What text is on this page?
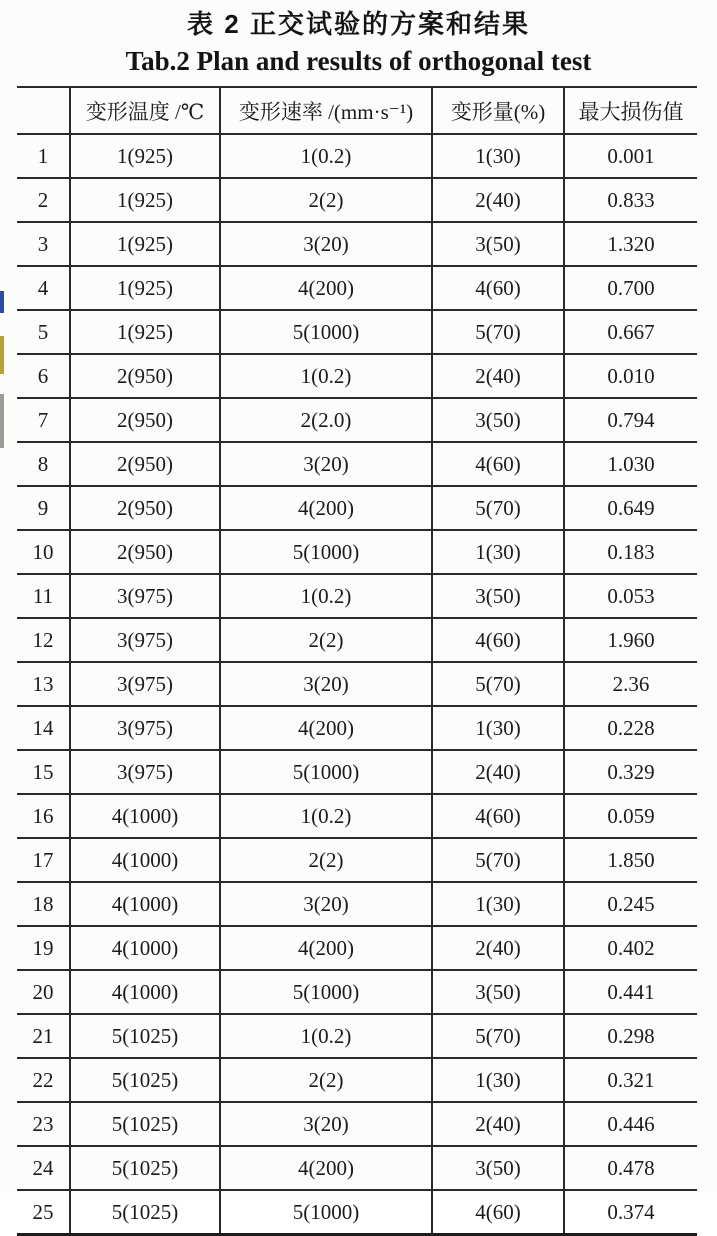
表 2 正交试验的方案和结果
Tab.2 Plan and results of orthogonal test
	变形温度 /℃	变形速率 /(mm·s⁻¹)	变形量(%)	最大损伤值
1	1(925)	1(0.2)	1(30)	0.001
2	1(925)	2(2)	2(40)	0.833
3	1(925)	3(20)	3(50)	1.320
4	1(925)	4(200)	4(60)	0.700
5	1(925)	5(1000)	5(70)	0.667
6	2(950)	1(0.2)	2(40)	0.010
7	2(950)	2(2.0)	3(50)	0.794
8	2(950)	3(20)	4(60)	1.030
9	2(950)	4(200)	5(70)	0.649
10	2(950)	5(1000)	1(30)	0.183
11	3(975)	1(0.2)	3(50)	0.053
12	3(975)	2(2)	4(60)	1.960
13	3(975)	3(20)	5(70)	2.36
14	3(975)	4(200)	1(30)	0.228
15	3(975)	5(1000)	2(40)	0.329
16	4(1000)	1(0.2)	4(60)	0.059
17	4(1000)	2(2)	5(70)	1.850
18	4(1000)	3(20)	1(30)	0.245
19	4(1000)	4(200)	2(40)	0.402
20	4(1000)	5(1000)	3(50)	0.441
21	5(1025)	1(0.2)	5(70)	0.298
22	5(1025)	2(2)	1(30)	0.321
23	5(1025)	3(20)	2(40)	0.446
24	5(1025)	4(200)	3(50)	0.478
25	5(1025)	5(1000)	4(60)	0.374
